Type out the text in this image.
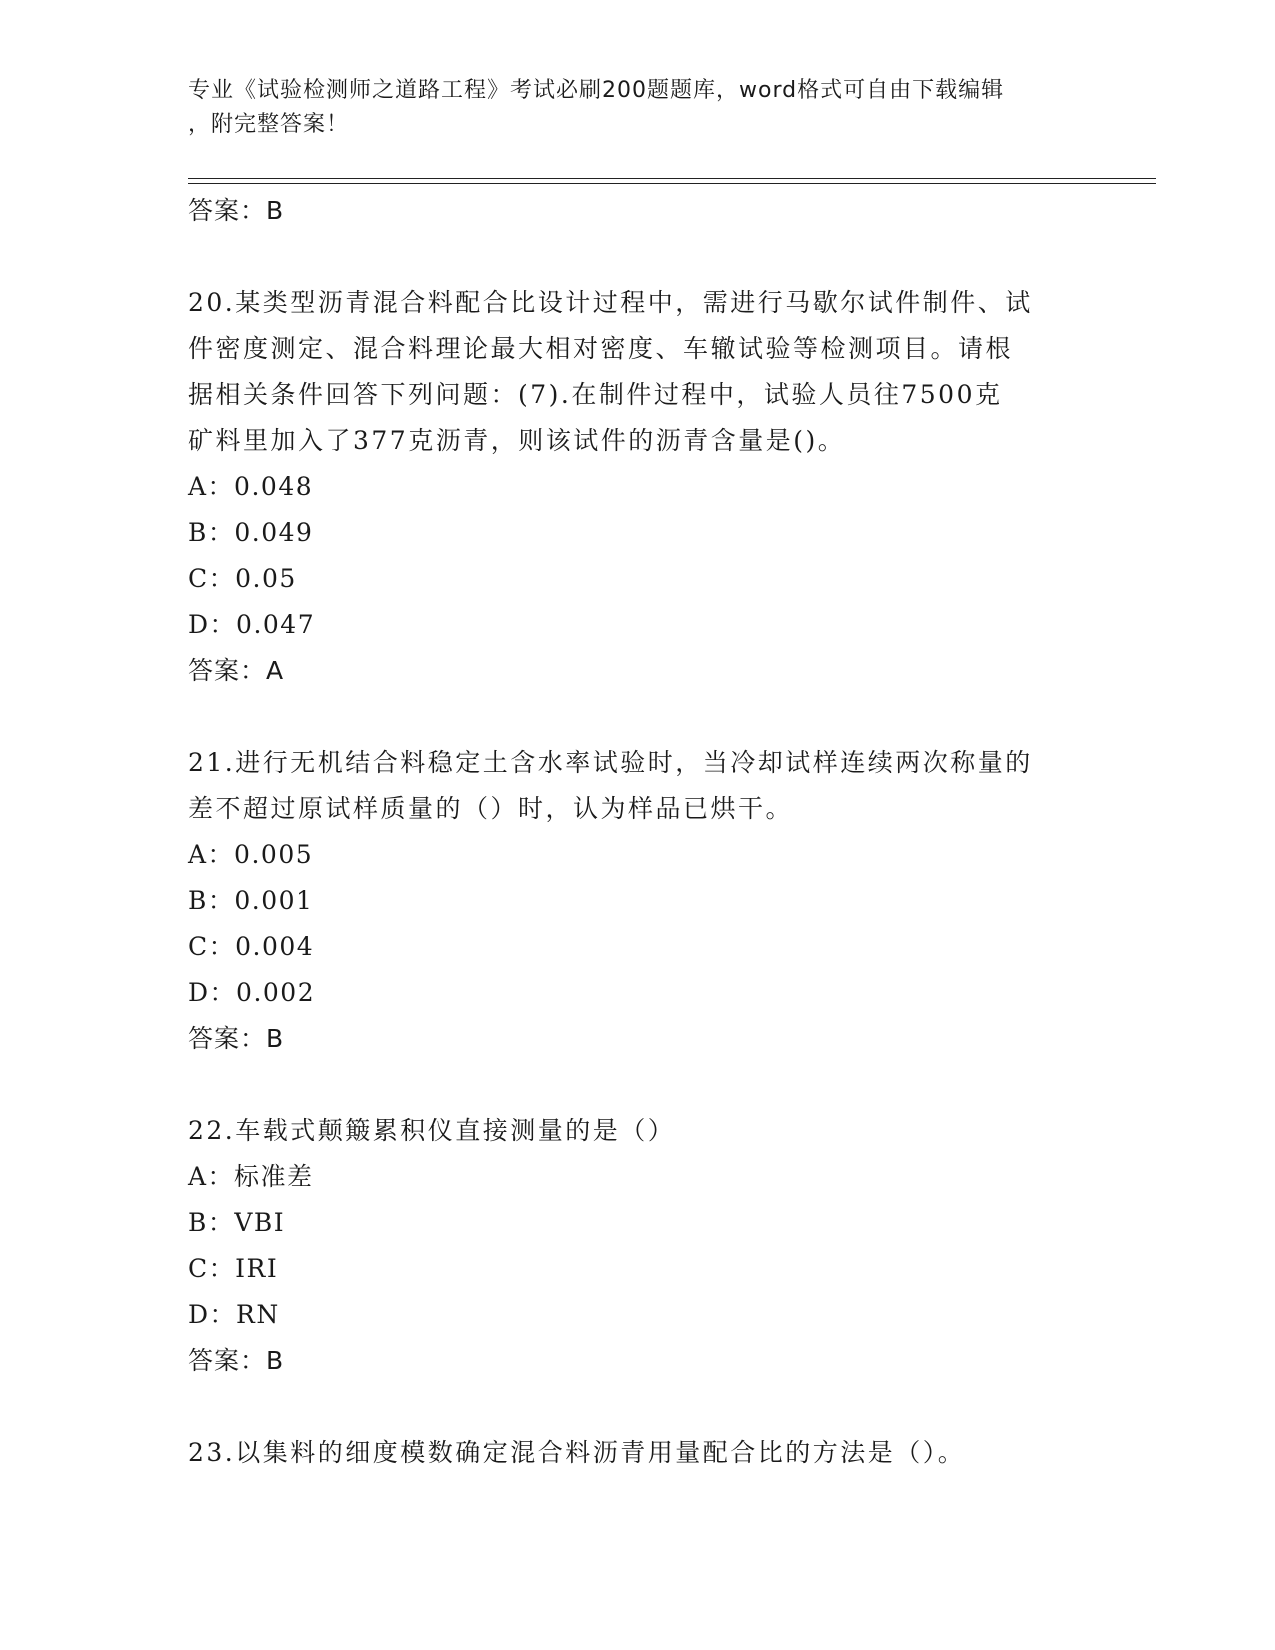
专业《试验检测师之道路工程》考试必刷200题题库，word格式可自由下载编辑
，附完整答案！
答案：B

20.某类型沥青混合料配合比设计过程中，需进行马歇尔试件制件、试

件密度测定、混合料理论最大相对密度、车辙试验等检测项目。请根

据相关条件回答下列问题：(7).在制件过程中，试验人员往7500克

矿料里加入了377克沥青，则该试件的沥青含量是()。

A：0.048
B：0.049
C：0.05
D：0.047
答案：A

21.进行无机结合料稳定土含水率试验时，当冷却试样连续两次称量的

差不超过原试样质量的（）时，认为样品已烘干。

A：0.005
B：0.001
C：0.004
D：0.002
答案：B

22.车载式颠簸累积仪直接测量的是（）

A：标准差
B：VBI
C：IRI
D：RN
答案：B

23.以集料的细度模数确定混合料沥青用量配合比的方法是（）。
